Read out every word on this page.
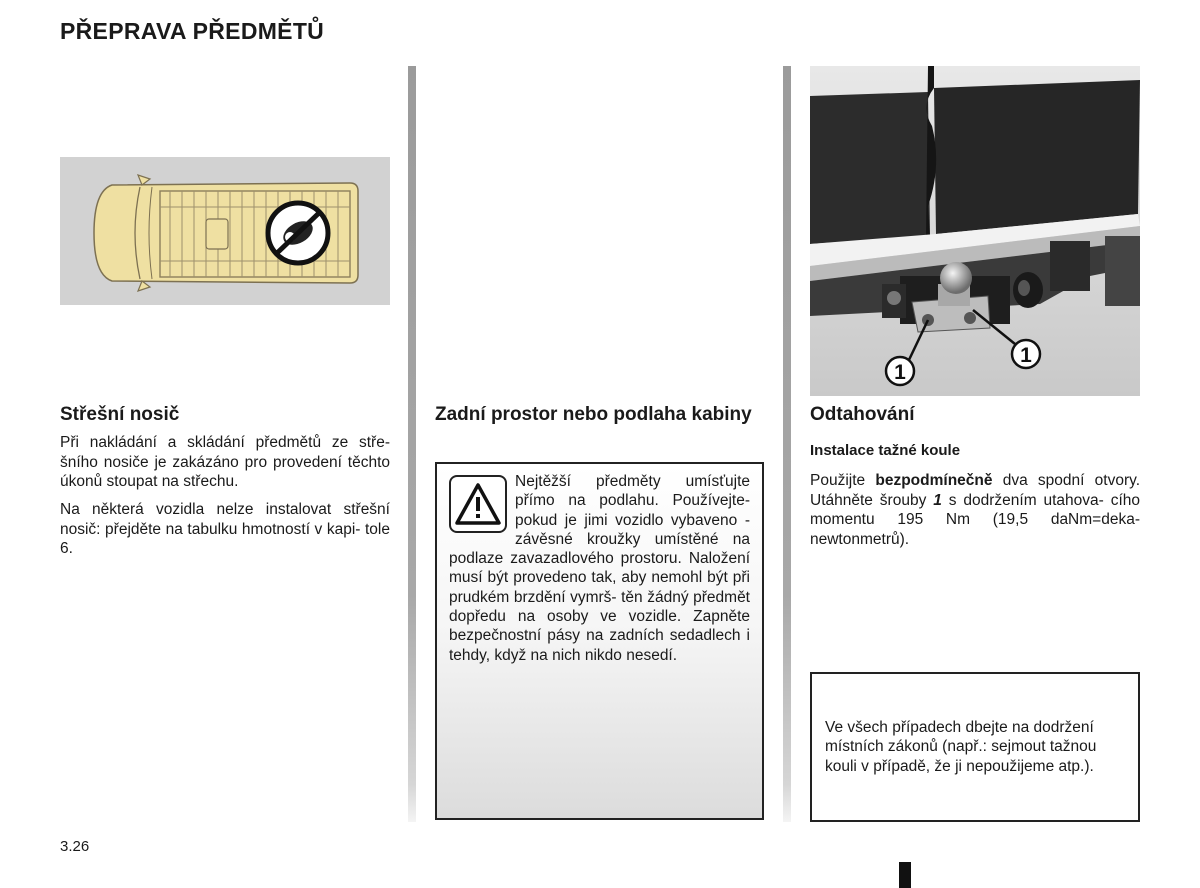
PŘEPRAVA PŘEDMĚTŮ
Střešní nosič

Při nakládání a skládání předmětů ze stře- šního nosiče je zakázáno pro provedení těchto úkonů stoupat na střechu.

Na některá vozidla nelze instalovat střešní nosič: přejděte na tabulku hmotností v kapi- tole 6.

Zadní prostor nebo podlaha kabiny

Nejtěžší předměty umísťujte přímo na podlahu. Používejte- pokud je jimi vozidlo vybaveno - závěsné kroužky umístěné na podlaze zavazadlového prostoru. Naložení musí být provedeno tak, aby nemohl být při prudkém brzdění vymrš- těn žádný předmět dopředu na osoby ve vozidle. Zapněte bezpečnostní pásy na zadních sedadlech i tehdy, když na nich nikdo nesedí.

1
1
Odtahování
Instalace tažné koule

Použijte bezpodmínečně dva spodní otvory. Utáhněte šrouby 1 s dodržením utahova- cího momentu 195 Nm (19,5 daNm=deka- newtonmetrů).

Ve všech případech dbejte na dodržení místních zákonů (např.: sejmout tažnou kouli v případě, že ji nepoužijeme atp.).

3.26
